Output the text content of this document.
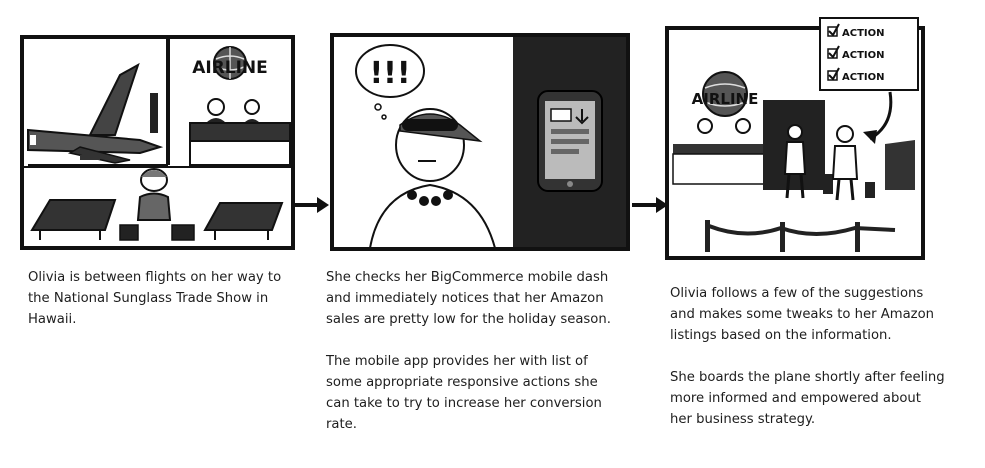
AIRLINE	!!!
ACTION
ACTION
ACTION
AIRLINE

Olivia is between flights on her way to the National Sunglass Trade Show in Hawaii.

She checks her BigCommerce mobile dash and immediately notices that her Amazon sales are pretty low for the holiday season.

The mobile app provides her with list of some appropriate responsive actions she can take to try to increase her conversion rate.

Olivia follows a few of the suggestions and makes some tweaks to her Amazon listings based on the information.

She boards the plane shortly after feeling more informed and empowered about her business strategy.
